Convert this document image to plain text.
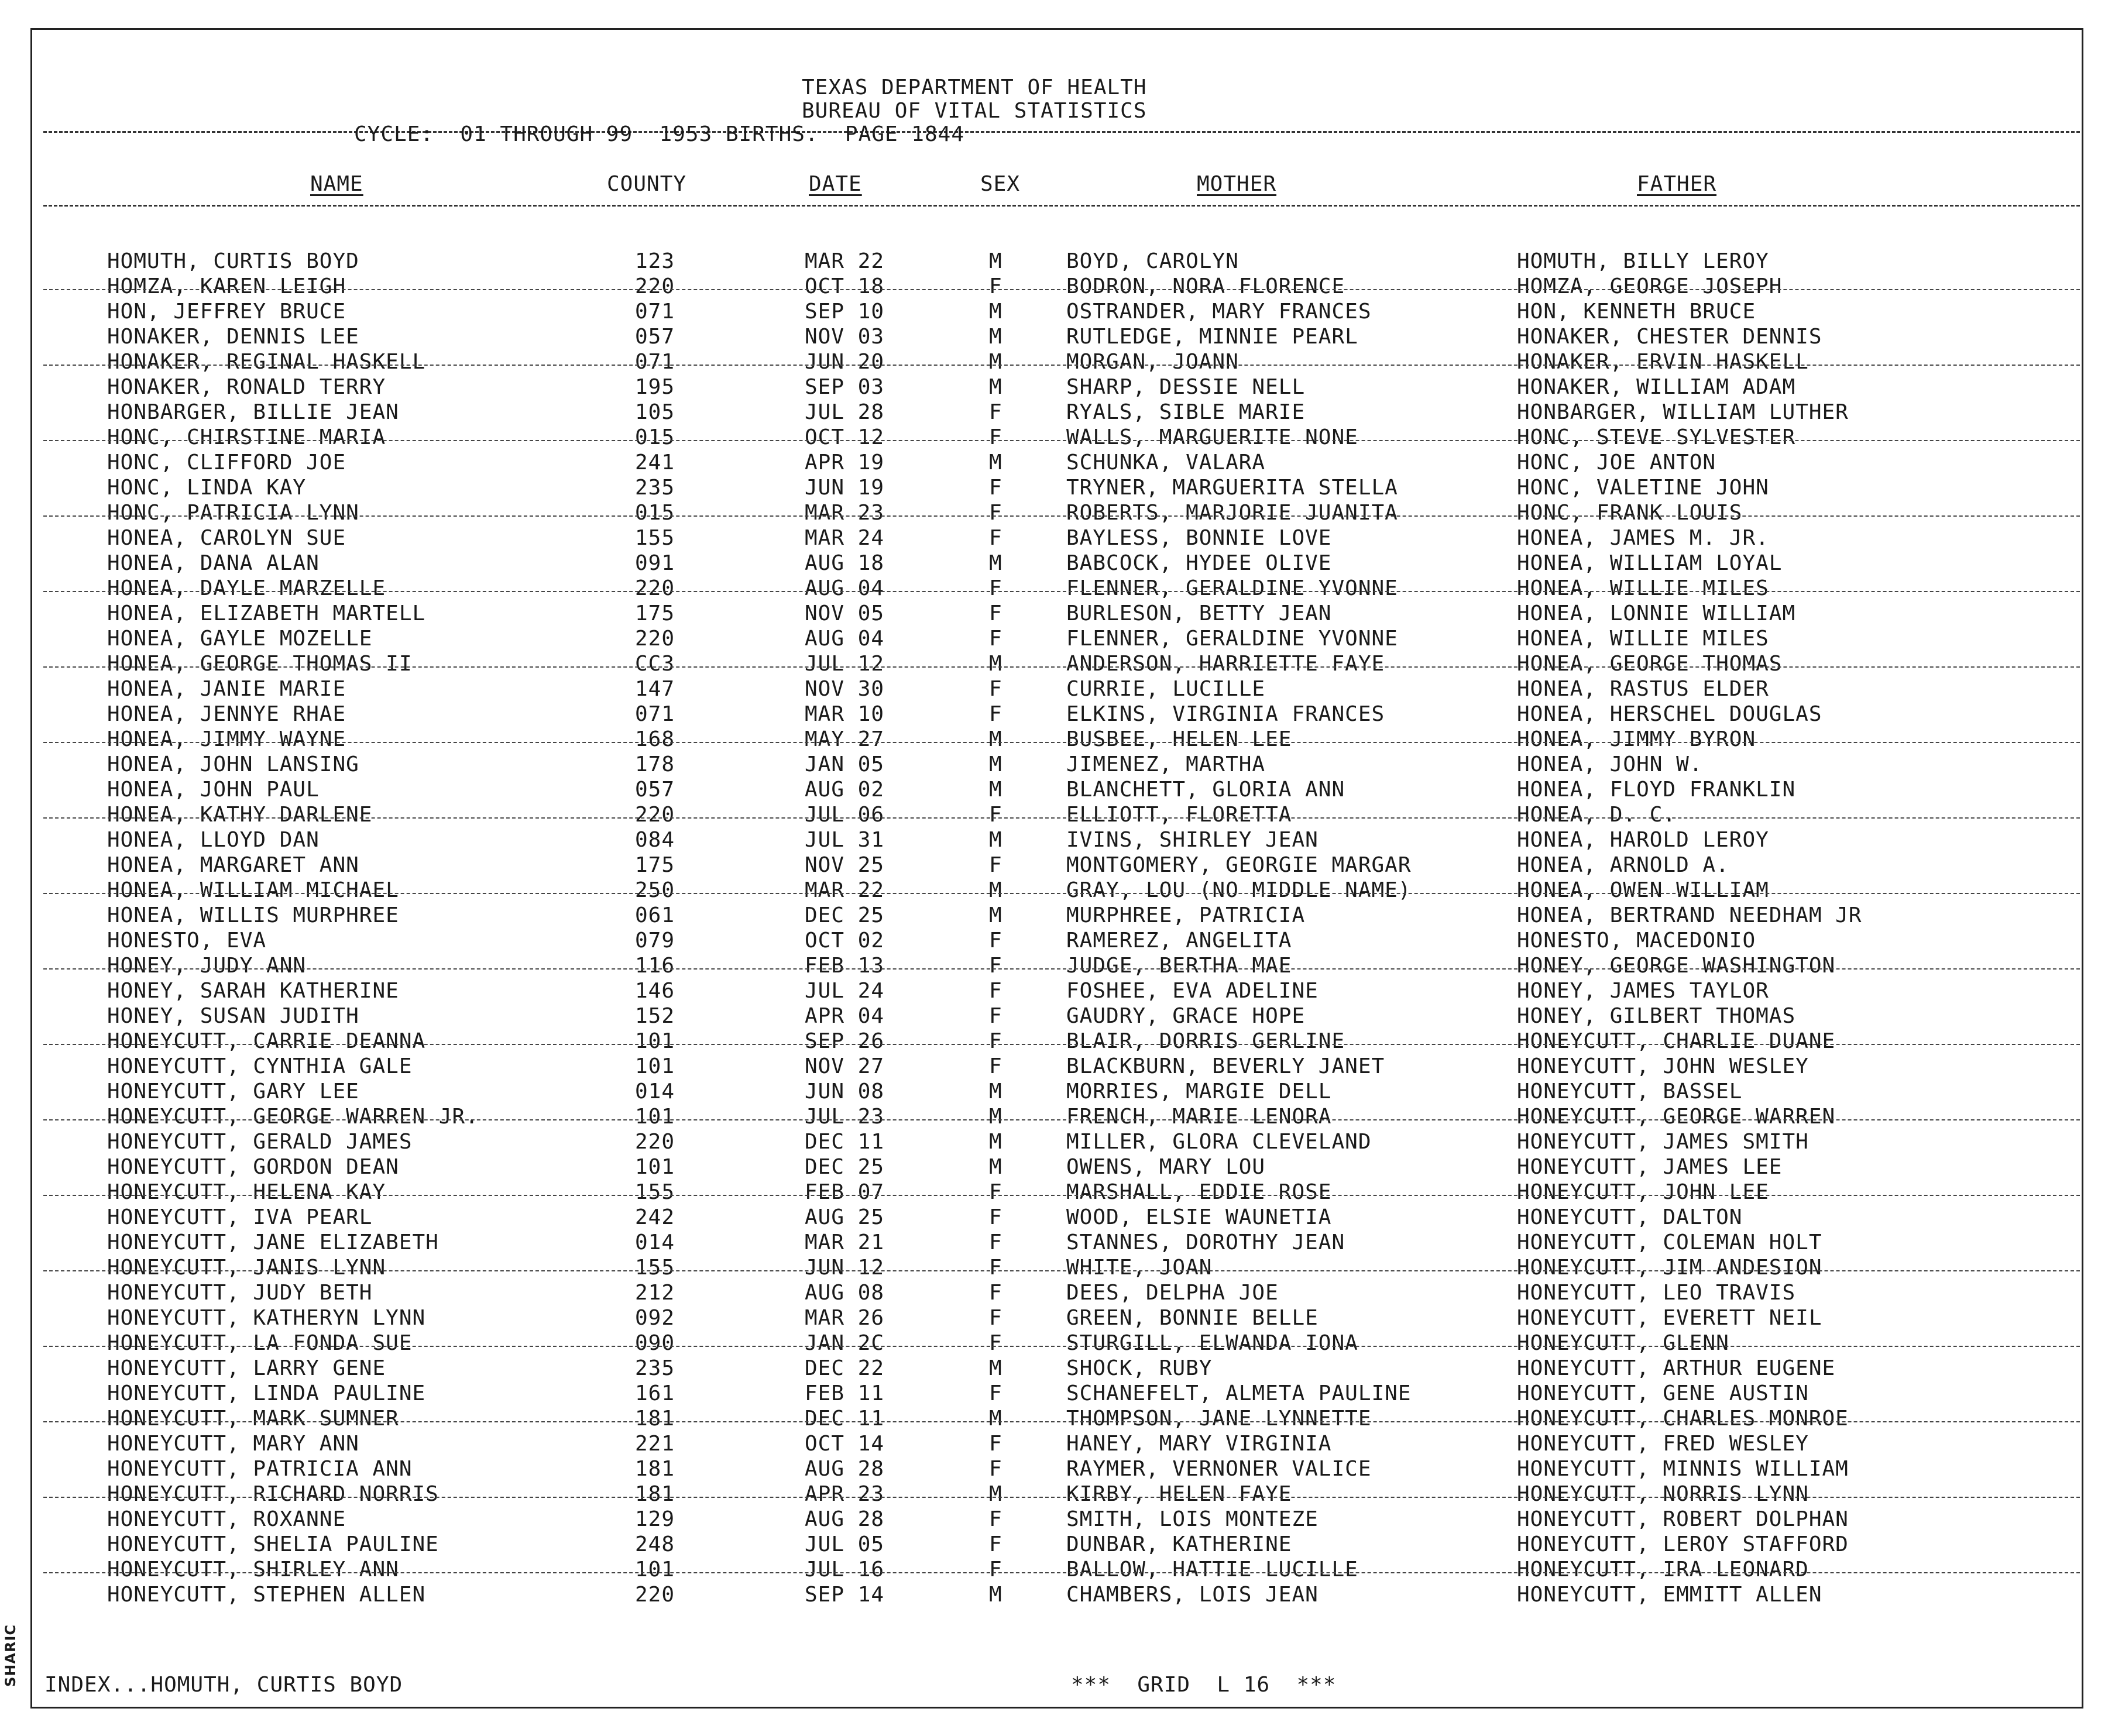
SHARIC
TEXAS DEPARTMENT OF HEALTH
BUREAU OF VITAL STATISTICS
CYCLE:  01 THROUGH 99  1953 BIRTHS.  PAGE 1844
NAME	COUNTY	DATE	SEX	MOTHER	FATHER
HOMUTH, CURTIS BOYD	123	MAR 22	M	BOYD, CAROLYN	HOMUTH, BILLY LEROY
HOMZA, KAREN LEIGH	220	OCT 18	F	BODRON, NORA FLORENCE	HOMZA, GEORGE JOSEPH
HON, JEFFREY BRUCE	071	SEP 10	M	OSTRANDER, MARY FRANCES	HON, KENNETH BRUCE
HONAKER, DENNIS LEE	057	NOV 03	M	RUTLEDGE, MINNIE PEARL	HONAKER, CHESTER DENNIS
HONAKER, REGINAL HASKELL	071	JUN 20	M	MORGAN, JOANN	HONAKER, ERVIN HASKELL
HONAKER, RONALD TERRY	195	SEP 03	M	SHARP, DESSIE NELL	HONAKER, WILLIAM ADAM
HONBARGER, BILLIE JEAN	105	JUL 28	F	RYALS, SIBLE MARIE	HONBARGER, WILLIAM LUTHER
HONC, CHIRSTINE MARIA	015	OCT 12	F	WALLS, MARGUERITE NONE	HONC, STEVE SYLVESTER
HONC, CLIFFORD JOE	241	APR 19	M	SCHUNKA, VALARA	HONC, JOE ANTON
HONC, LINDA KAY	235	JUN 19	F	TRYNER, MARGUERITA STELLA	HONC, VALETINE JOHN
HONC, PATRICIA LYNN	015	MAR 23	F	ROBERTS, MARJORIE JUANITA	HONC, FRANK LOUIS
HONEA, CAROLYN SUE	155	MAR 24	F	BAYLESS, BONNIE LOVE	HONEA, JAMES M. JR.
HONEA, DANA ALAN	091	AUG 18	M	BABCOCK, HYDEE OLIVE	HONEA, WILLIAM LOYAL
HONEA, DAYLE MARZELLE	220	AUG 04	F	FLENNER, GERALDINE YVONNE	HONEA, WILLIE MILES
HONEA, ELIZABETH MARTELL	175	NOV 05	F	BURLESON, BETTY JEAN	HONEA, LONNIE WILLIAM
HONEA, GAYLE MOZELLE	220	AUG 04	F	FLENNER, GERALDINE YVONNE	HONEA, WILLIE MILES
HONEA, GEORGE THOMAS II	CC3	JUL 12	M	ANDERSON, HARRIETTE FAYE	HONEA, GEORGE THOMAS
HONEA, JANIE MARIE	147	NOV 30	F	CURRIE, LUCILLE	HONEA, RASTUS ELDER
HONEA, JENNYE RHAE	071	MAR 10	F	ELKINS, VIRGINIA FRANCES	HONEA, HERSCHEL DOUGLAS
HONEA, JIMMY WAYNE	168	MAY 27	M	BUSBEE, HELEN LEE	HONEA, JIMMY BYRON
HONEA, JOHN LANSING	178	JAN 05	M	JIMENEZ, MARTHA	HONEA, JOHN W.
HONEA, JOHN PAUL	057	AUG 02	M	BLANCHETT, GLORIA ANN	HONEA, FLOYD FRANKLIN
HONEA, KATHY DARLENE	220	JUL 06	F	ELLIOTT, FLORETTA	HONEA, D. C.
HONEA, LLOYD DAN	084	JUL 31	M	IVINS, SHIRLEY JEAN	HONEA, HAROLD LEROY
HONEA, MARGARET ANN	175	NOV 25	F	MONTGOMERY, GEORGIE MARGAR	HONEA, ARNOLD A.
HONEA, WILLIAM MICHAEL	250	MAR 22	M	GRAY, LOU (NO MIDDLE NAME)	HONEA, OWEN WILLIAM
HONEA, WILLIS MURPHREE	061	DEC 25	M	MURPHREE, PATRICIA	HONEA, BERTRAND NEEDHAM JR
HONESTO, EVA	079	OCT 02	F	RAMEREZ, ANGELITA	HONESTO, MACEDONIO
HONEY, JUDY ANN	116	FEB 13	F	JUDGE, BERTHA MAE	HONEY, GEORGE WASHINGTON
HONEY, SARAH KATHERINE	146	JUL 24	F	FOSHEE, EVA ADELINE	HONEY, JAMES TAYLOR
HONEY, SUSAN JUDITH	152	APR 04	F	GAUDRY, GRACE HOPE	HONEY, GILBERT THOMAS
HONEYCUTT, CARRIE DEANNA	101	SEP 26	F	BLAIR, DORRIS GERLINE	HONEYCUTT, CHARLIE DUANE
HONEYCUTT, CYNTHIA GALE	101	NOV 27	F	BLACKBURN, BEVERLY JANET	HONEYCUTT, JOHN WESLEY
HONEYCUTT, GARY LEE	014	JUN 08	M	MORRIES, MARGIE DELL	HONEYCUTT, BASSEL
HONEYCUTT, GEORGE WARREN JR.	101	JUL 23	M	FRENCH, MARIE LENORA	HONEYCUTT, GEORGE WARREN
HONEYCUTT, GERALD JAMES	220	DEC 11	M	MILLER, GLORA CLEVELAND	HONEYCUTT, JAMES SMITH
HONEYCUTT, GORDON DEAN	101	DEC 25	M	OWENS, MARY LOU	HONEYCUTT, JAMES LEE
HONEYCUTT, HELENA KAY	155	FEB 07	F	MARSHALL, EDDIE ROSE	HONEYCUTT, JOHN LEE
HONEYCUTT, IVA PEARL	242	AUG 25	F	WOOD, ELSIE WAUNETIA	HONEYCUTT, DALTON
HONEYCUTT, JANE ELIZABETH	014	MAR 21	F	STANNES, DOROTHY JEAN	HONEYCUTT, COLEMAN HOLT
HONEYCUTT, JANIS LYNN	155	JUN 12	F	WHITE, JOAN	HONEYCUTT, JIM ANDESION
HONEYCUTT, JUDY BETH	212	AUG 08	F	DEES, DELPHA JOE	HONEYCUTT, LEO TRAVIS
HONEYCUTT, KATHERYN LYNN	092	MAR 26	F	GREEN, BONNIE BELLE	HONEYCUTT, EVERETT NEIL
HONEYCUTT, LA FONDA SUE	090	JAN 2C	F	STURGILL, ELWANDA IONA	HONEYCUTT, GLENN
HONEYCUTT, LARRY GENE	235	DEC 22	M	SHOCK, RUBY	HONEYCUTT, ARTHUR EUGENE
HONEYCUTT, LINDA PAULINE	161	FEB 11	F	SCHANEFELT, ALMETA PAULINE	HONEYCUTT, GENE AUSTIN
HONEYCUTT, MARK SUMNER	181	DEC 11	M	THOMPSON, JANE LYNNETTE	HONEYCUTT, CHARLES MONROE
HONEYCUTT, MARY ANN	221	OCT 14	F	HANEY, MARY VIRGINIA	HONEYCUTT, FRED WESLEY
HONEYCUTT, PATRICIA ANN	181	AUG 28	F	RAYMER, VERNONER VALICE	HONEYCUTT, MINNIS WILLIAM
HONEYCUTT, RICHARD NORRIS	181	APR 23	M	KIRBY, HELEN FAYE	HONEYCUTT, NORRIS LYNN
HONEYCUTT, ROXANNE	129	AUG 28	F	SMITH, LOIS MONTEZE	HONEYCUTT, ROBERT DOLPHAN
HONEYCUTT, SHELIA PAULINE	248	JUL 05	F	DUNBAR, KATHERINE	HONEYCUTT, LEROY STAFFORD
HONEYCUTT, SHIRLEY ANN	101	JUL 16	F	BALLOW, HATTIE LUCILLE	HONEYCUTT, IRA LEONARD
HONEYCUTT, STEPHEN ALLEN	220	SEP 14	M	CHAMBERS, LOIS JEAN	HONEYCUTT, EMMITT ALLEN
INDEX...HOMUTH, CURTIS BOYD	***  GRID  L 16  ***
